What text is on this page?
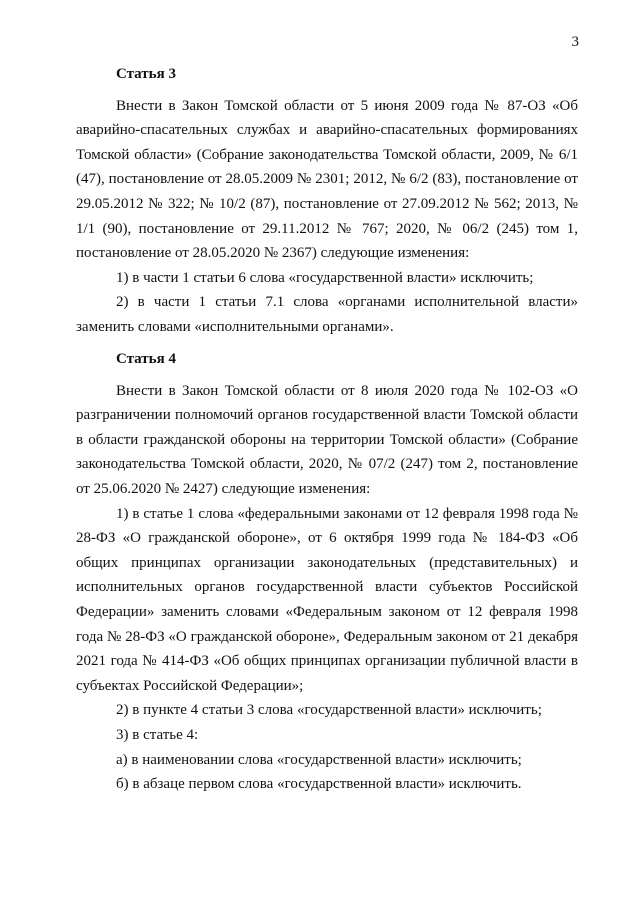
3

Статья 3

Внести в Закон Томской области от 5 июня 2009 года № 87-ОЗ «Об аварийно-спасательных службах и аварийно-спасательных формированиях Томской области» (Собрание законодательства Томской области, 2009, № 6/1 (47), постановление от 28.05.2009 № 2301; 2012, № 6/2 (83), постановление от 29.05.2012 № 322; № 10/2 (87), постановление от 27.09.2012 № 562; 2013, № 1/1 (90), постановление от 29.11.2012 № 767; 2020, № 06/2 (245) том 1, постановление от 28.05.2020 № 2367) следующие изменения:

1) в части 1 статьи 6 слова «государственной власти» исключить;

2) в части 1 статьи 7.1 слова «органами исполнительной власти» заменить словами «исполнительными органами».

Статья 4

Внести в Закон Томской области от 8 июля 2020 года № 102-ОЗ «О разграничении полномочий органов государственной власти Томской области в области гражданской обороны на территории Томской области» (Собрание законодательства Томской области, 2020, № 07/2 (247) том 2, постановление от 25.06.2020 № 2427) следующие изменения:

1) в статье 1 слова «федеральными законами от 12 февраля 1998 года № 28-ФЗ «О гражданской обороне», от 6 октября 1999 года № 184-ФЗ «Об общих принципах организации законодательных (представительных) и исполнительных органов государственной власти субъектов Российской Федерации» заменить словами «Федеральным законом от 12 февраля 1998 года № 28-ФЗ «О гражданской обороне», Федеральным законом от 21 декабря 2021 года № 414-ФЗ «Об общих принципах организации публичной власти в субъектах Российской Федерации»;

2) в пункте 4 статьи 3 слова «государственной власти» исключить;

3) в статье 4:

а) в наименовании слова «государственной власти» исключить;

б) в абзаце первом слова «государственной власти» исключить.
